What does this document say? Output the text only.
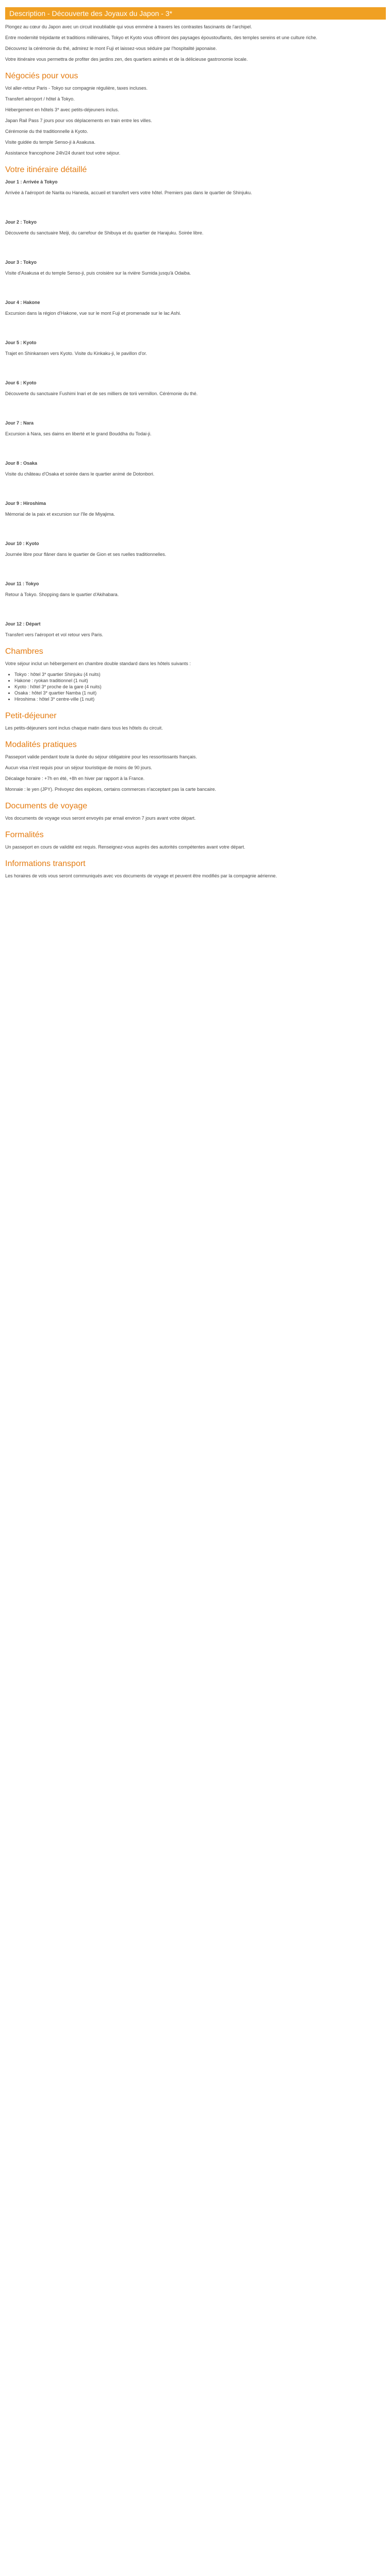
Description - Découverte des Joyaux du Japon - 3*

Plongez au cœur du Japon avec un circuit inoubliable qui vous emmène à travers les contrastes fascinants de l'archipel.

Entre modernité trépidante et traditions millénaires, Tokyo et Kyoto vous offriront des paysages époustouflants, des temples sereins et une culture riche.

Découvrez la cérémonie du thé, admirez le mont Fuji et laissez-vous séduire par l'hospitalité japonaise.

Votre itinéraire vous permettra de profiter des jardins zen, des quartiers animés et de la délicieuse gastronomie locale.

Négociés pour vous

Vol aller-retour Paris - Tokyo sur compagnie régulière, taxes incluses.

Transfert aéroport / hôtel à Tokyo.

Hébergement en hôtels 3* avec petits-déjeuners inclus.

Japan Rail Pass 7 jours pour vos déplacements en train entre les villes.

Cérémonie du thé traditionnelle à Kyoto.

Visite guidée du temple Senso-ji à Asakusa.

Assistance francophone 24h/24 durant tout votre séjour.

Votre itinéraire détaillé

Jour 1 : Arrivée à Tokyo

Arrivée à l'aéroport de Narita ou Haneda, accueil et transfert vers votre hôtel. Premiers pas dans le quartier de Shinjuku.

Jour 2 : Tokyo

Découverte du sanctuaire Meiji, du carrefour de Shibuya et du quartier de Harajuku. Soirée libre.

Jour 3 : Tokyo

Visite d'Asakusa et du temple Senso-ji, puis croisière sur la rivière Sumida jusqu'à Odaiba.

Jour 4 : Hakone

Excursion dans la région d'Hakone, vue sur le mont Fuji et promenade sur le lac Ashi.

Jour 5 : Kyoto

Trajet en Shinkansen vers Kyoto. Visite du Kinkaku-ji, le pavillon d'or.

Jour 6 : Kyoto

Découverte du sanctuaire Fushimi Inari et de ses milliers de torii vermillon. Cérémonie du thé.

Jour 7 : Nara

Excursion à Nara, ses daims en liberté et le grand Bouddha du Todai-ji.

Jour 8 : Osaka

Visite du château d'Osaka et soirée dans le quartier animé de Dotonbori.

Jour 9 : Hiroshima

Mémorial de la paix et excursion sur l'île de Miyajima.

Jour 10 : Kyoto

Journée libre pour flâner dans le quartier de Gion et ses ruelles traditionnelles.

Jour 11 : Tokyo

Retour à Tokyo. Shopping dans le quartier d'Akihabara.

Jour 12 : Départ

Transfert vers l'aéroport et vol retour vers Paris.

Chambres

Votre séjour inclut un hébergement en chambre double standard dans les hôtels suivants :

• Tokyo : hôtel 3* quartier Shinjuku (4 nuits)
• Hakone : ryokan traditionnel (1 nuit)
• Kyoto : hôtel 3* proche de la gare (4 nuits)
• Osaka : hôtel 3* quartier Namba (1 nuit)
• Hiroshima : hôtel 3* centre-ville (1 nuit)
Petit-déjeuner

Les petits-déjeuners sont inclus chaque matin dans tous les hôtels du circuit.

Modalités pratiques

Passeport valide pendant toute la durée du séjour obligatoire pour les ressortissants français.

Aucun visa n'est requis pour un séjour touristique de moins de 90 jours.

Décalage horaire : +7h en été, +8h en hiver par rapport à la France.

Monnaie : le yen (JPY). Prévoyez des espèces, certains commerces n'acceptant pas la carte bancaire.

Documents de voyage

Vos documents de voyage vous seront envoyés par email environ 7 jours avant votre départ.

Formalités

Un passeport en cours de validité est requis. Renseignez-vous auprès des autorités compétentes avant votre départ.

Informations transport

Les horaires de vols vous seront communiqués avec vos documents de voyage et peuvent être modifiés par la compagnie aérienne.
